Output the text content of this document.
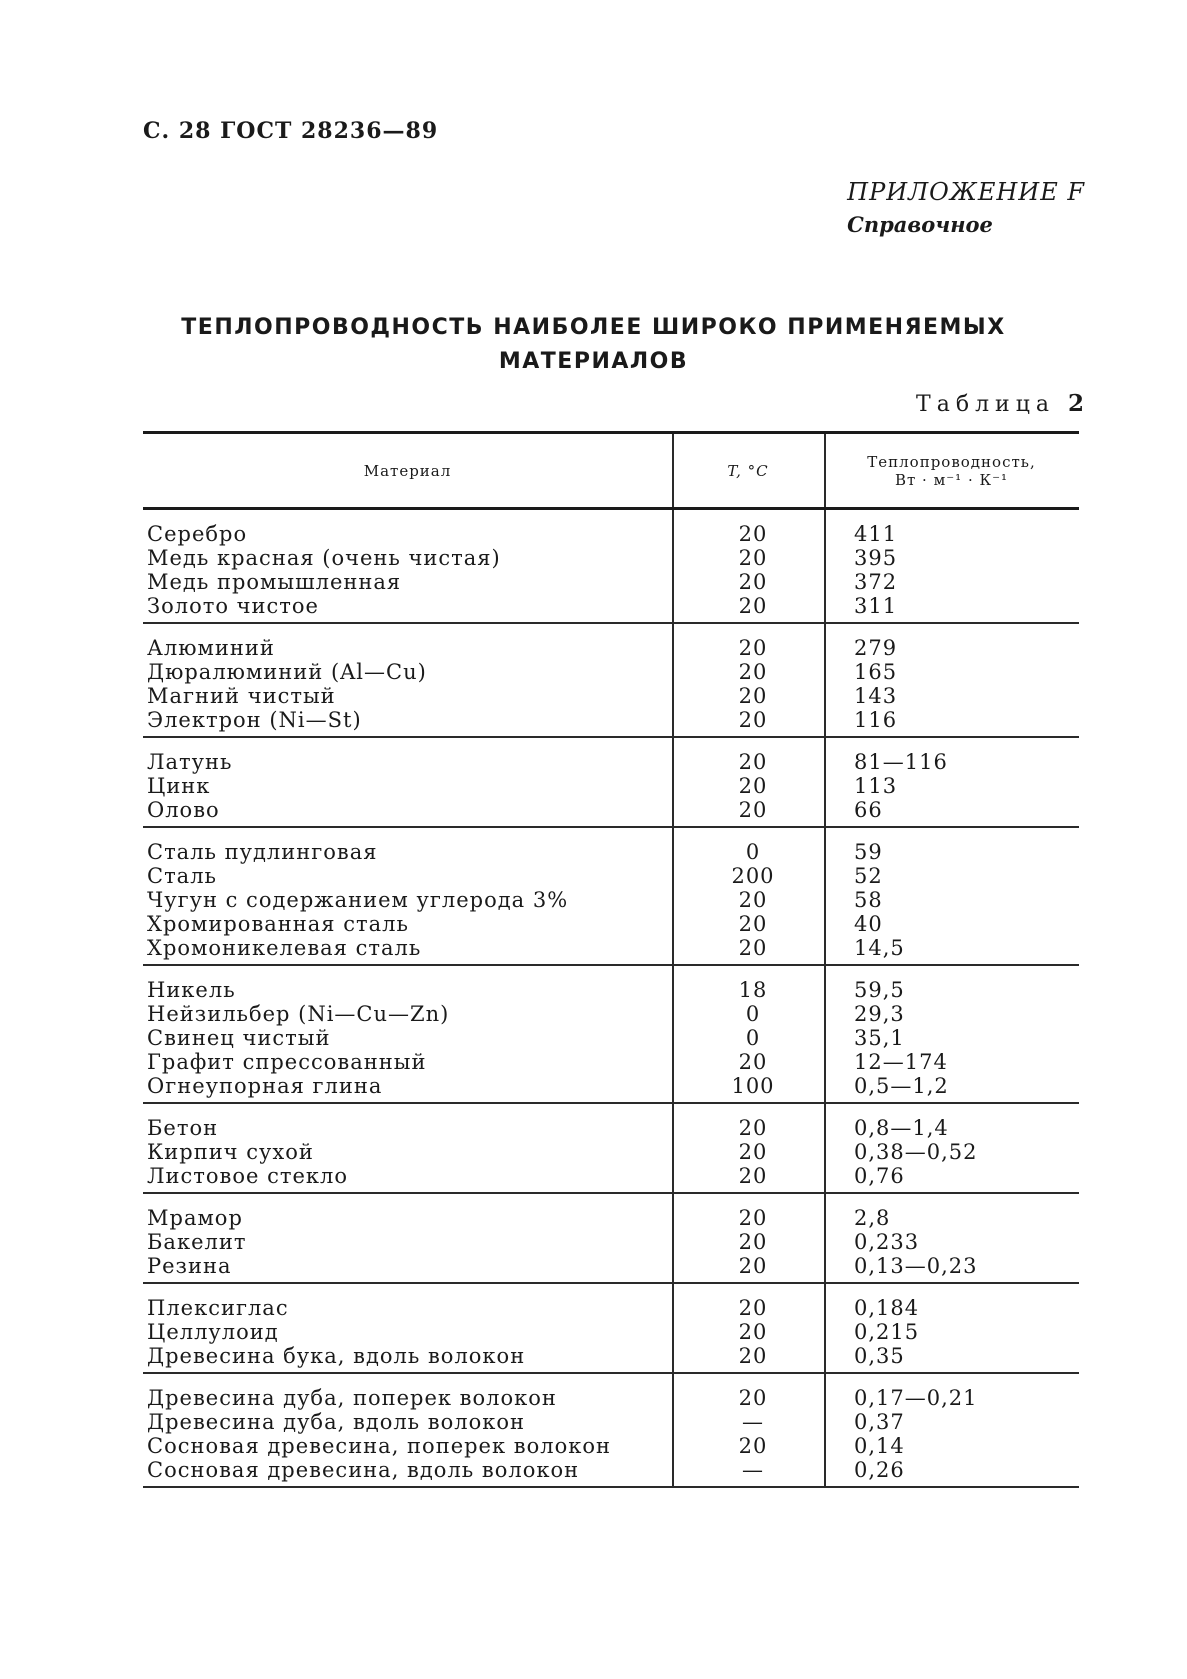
С. 28 ГОСТ 28236—89
ПРИЛОЖЕНИЕ F
Справочное
ТЕПЛОПРОВОДНОСТЬ НАИБОЛЕЕ ШИРОКО ПРИМЕНЯЕМЫХ
МАТЕРИАЛОВ
Таблица 2
Материал	T, °C	Теплопроводность,
Вт · м⁻¹ · К⁻¹
Серебро
Медь красная (очень чистая)
Медь промышленная
Золото чистое
20
20
20
20
411
395
372
311
Алюминий
Дюралюминий (Al—Cu)
Магний чистый
Электрон (Ni—St)
20
20
20
20
279
165
143
116
Латунь
Цинк
Олово
20
20
20
81—116
113
66
Сталь пудлинговая
Сталь
Чугун с содержанием углерода 3%
Хромированная сталь
Хромоникелевая сталь
0
200
20
20
20
59
52
58
40
14,5
Никель
Нейзильбер (Ni—Cu—Zn)
Свинец чистый
Графит спрессованный
Огнеупорная глина
18
0
0
20
100
59,5
29,3
35,1
12—174
0,5—1,2
Бетон
Кирпич сухой
Листовое стекло
20
20
20
0,8—1,4
0,38—0,52
0,76
Мрамор
Бакелит
Резина
20
20
20
2,8
0,233
0,13—0,23
Плексиглас
Целлулоид
Древесина бука, вдоль волокон
20
20
20
0,184
0,215
0,35
Древесина дуба, поперек волокон
Древесина дуба, вдоль волокон
Сосновая древесина, поперек волокон
Сосновая древесина, вдоль волокон
20
—
20
—
0,17—0,21
0,37
0,14
0,26
